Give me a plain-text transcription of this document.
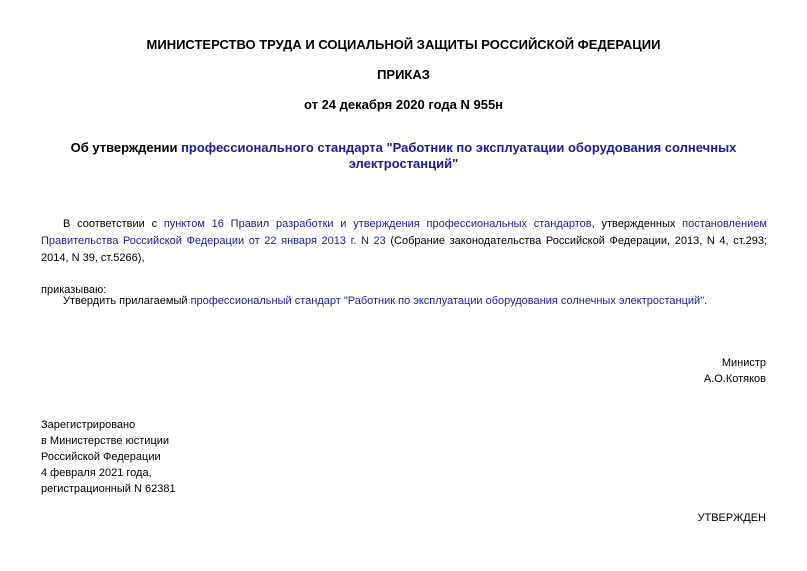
МИНИСТЕРСТВО ТРУДА И СОЦИАЛЬНОЙ ЗАЩИТЫ РОССИЙСКОЙ ФЕДЕРАЦИИ
ПРИКАЗ
от 24 декабря 2020 года N 955н
Об утверждении профессионального стандарта "Работник по эксплуатации оборудования солнечных электростанций"
В соответствии с пунктом 16 Правил разработки и утверждения профессиональных стандартов, утвержденных постановлением Правительства Российской Федерации от 22 января 2013 г. N 23 (Собрание законодательства Российской Федерации, 2013, N 4, ст.293; 2014, N 39, ст.5266),
приказываю:
Утвердить прилагаемый профессиональный стандарт "Работник по эксплуатации оборудования солнечных электростанций".
Министр
А.О.Котяков
Зарегистрировано
в Министерстве юстиции
Российской Федерации
4 февраля 2021 года,
регистрационный N 62381
УТВЕРЖДЕН
